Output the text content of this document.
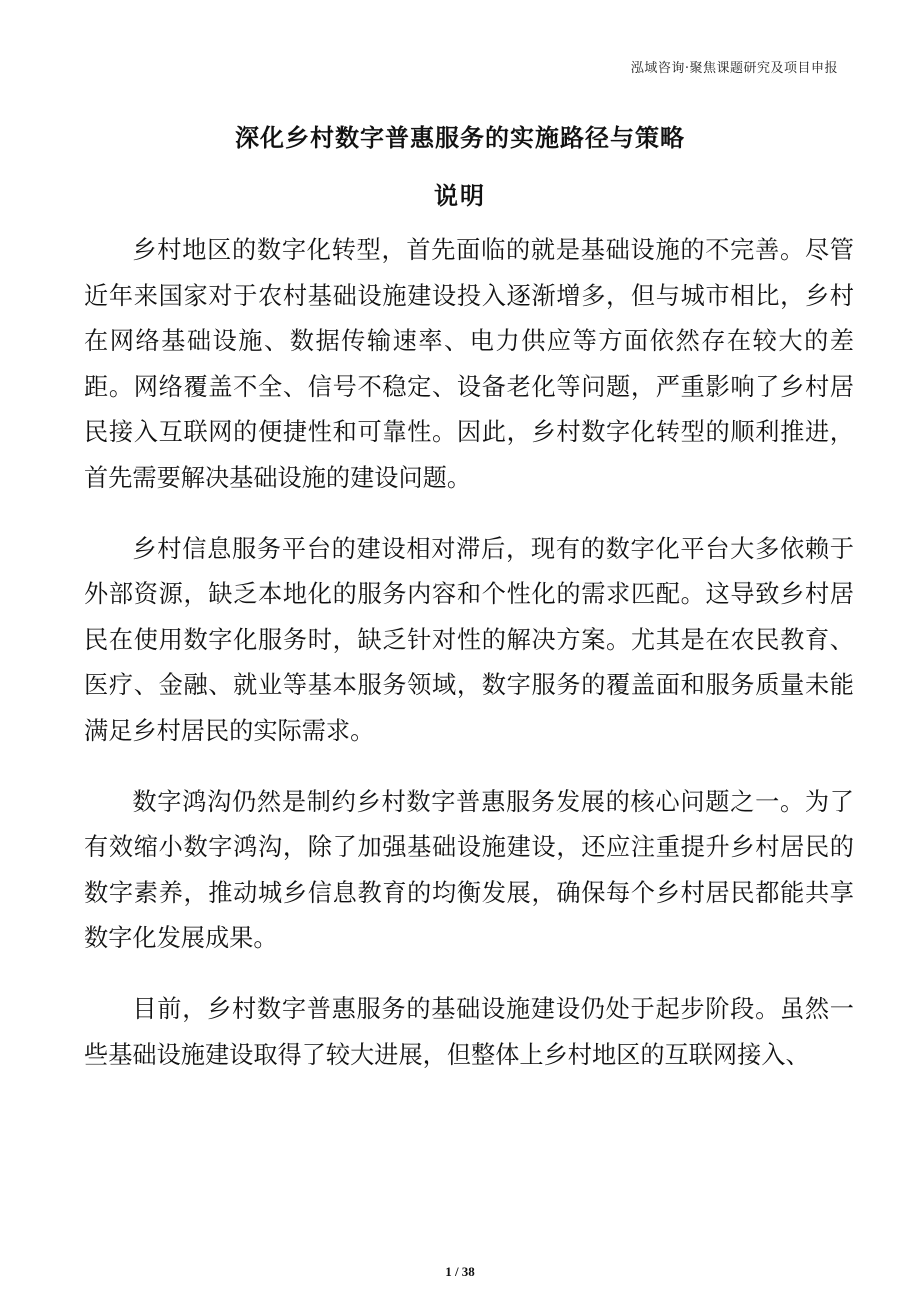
泓域咨询·聚焦课题研究及项目申报
深化乡村数字普惠服务的实施路径与策略
说明

乡村地区的数字化转型，首先面临的就是基础设施的不完善。尽管近年来国家对于农村基础设施建设投入逐渐增多，但与城市相比，乡村在网络基础设施、数据传输速率、电力供应等方面依然存在较大的差距。网络覆盖不全、信号不稳定、设备老化等问题，严重影响了乡村居民接入互联网的便捷性和可靠性。因此，乡村数字化转型的顺利推进，首先需要解决基础设施的建设问题。

乡村信息服务平台的建设相对滞后，现有的数字化平台大多依赖于外部资源，缺乏本地化的服务内容和个性化的需求匹配。这导致乡村居民在使用数字化服务时，缺乏针对性的解决方案。尤其是在农民教育、医疗、金融、就业等基本服务领域，数字服务的覆盖面和服务质量未能满足乡村居民的实际需求。

数字鸿沟仍然是制约乡村数字普惠服务发展的核心问题之一。为了有效缩小数字鸿沟，除了加强基础设施建设，还应注重提升乡村居民的数字素养，推动城乡信息教育的均衡发展，确保每个乡村居民都能共享数字化发展成果。

目前，乡村数字普惠服务的基础设施建设仍处于起步阶段。虽然一些基础设施建设取得了较大进展，但整体上乡村地区的互联网接入、

1 / 38
